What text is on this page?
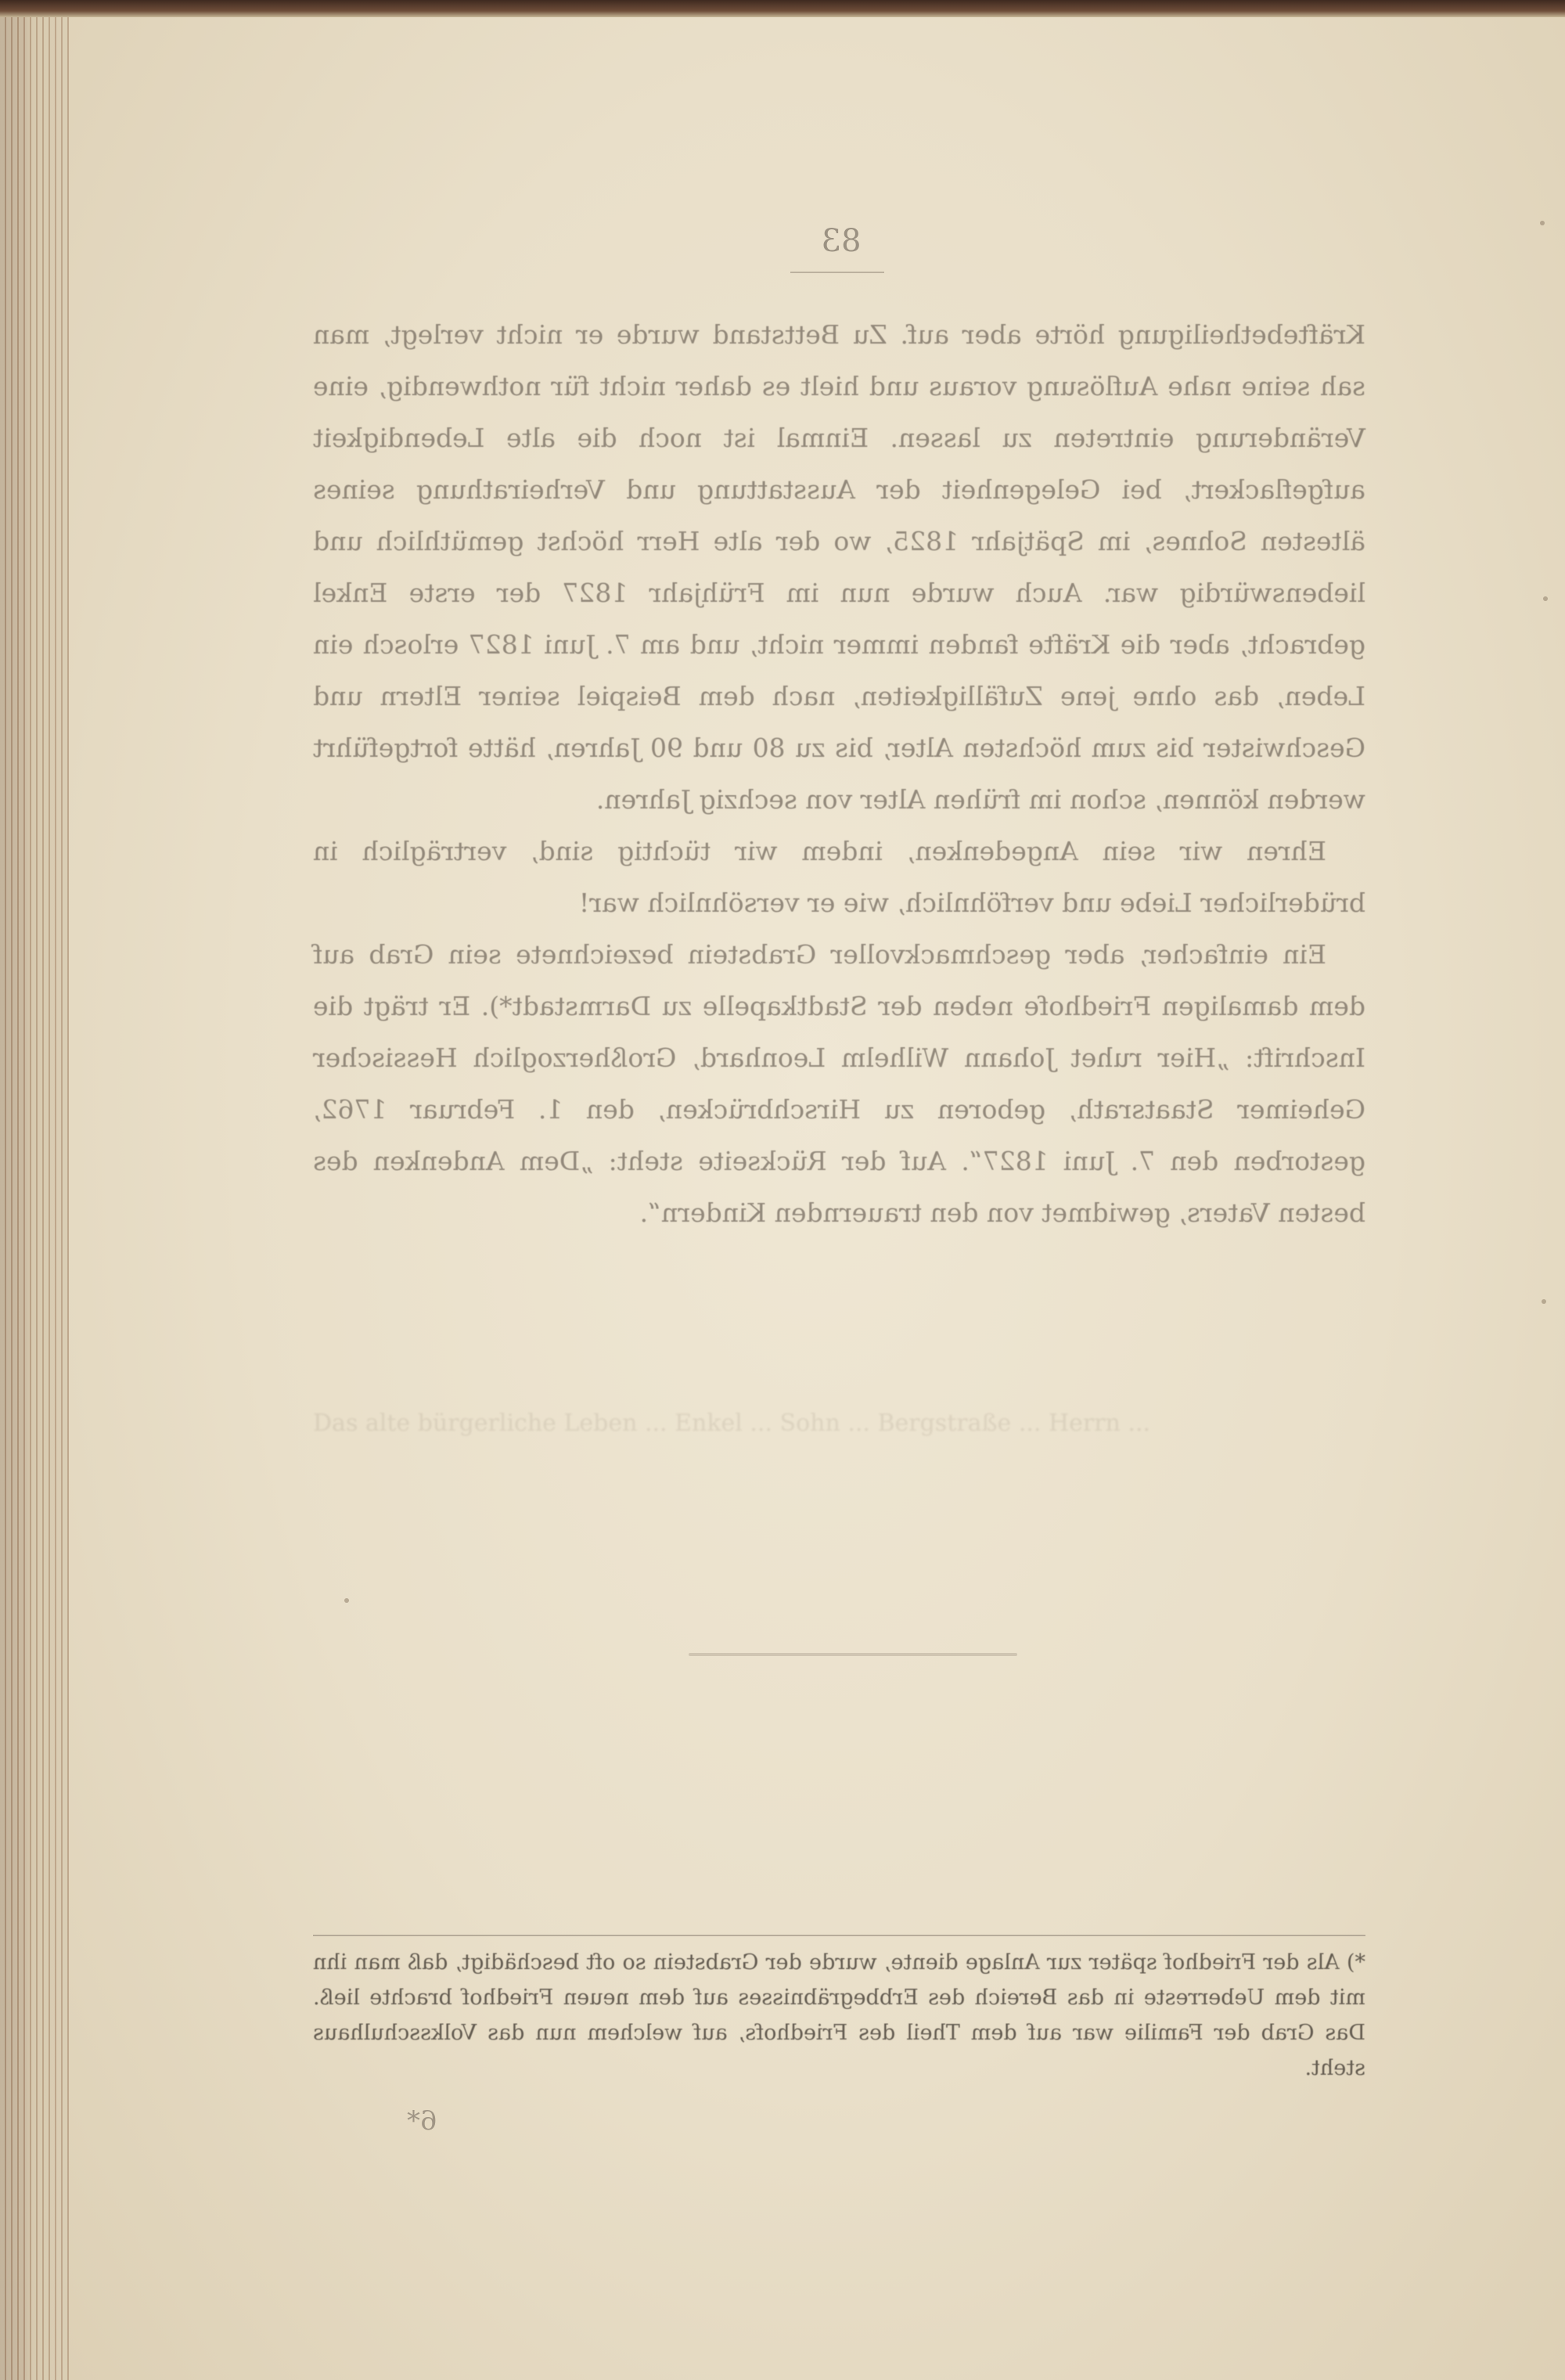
Das alte bürgerliche Leben ... Enkel ... Sohn ... Bergstraße ... Herrn ...
83

Kräftebetheiligung hörte aber auf. Zu Bettstand wurde er nicht verlegt, man sah seine nahe Auflösung voraus und hielt es daher nicht für nothwendig, eine Veränderung eintreten zu lassen. Einmal ist noch die alte Lebendigkeit aufgeflackert, bei Gelegenheit der Ausstattung und Verheirathung seines ältesten Sohnes, im Spätjahr 1825, wo der alte Herr höchst gemüthlich und liebenswürdig war. Auch wurde nun im Frühjahr 1827 der erste Enkel gebracht, aber die Kräfte fanden immer nicht, und am 7. Juni 1827 erlosch ein Leben, das ohne jene Zufälligkeiten, nach dem Beispiel seiner Eltern und Geschwister bis zum höchsten Alter, bis zu 80 und 90 Jahren, hätte fortgeführt werden können, schon im frühen Alter von sechzig Jahren.

Ehren wir sein Angedenken, indem wir tüchtig sind, verträglich in brüderlicher Liebe und verföhnlich, wie er versöhnlich war!

Ein einfacher, aber geschmackvoller Grabstein bezeichnete sein Grab auf dem damaligen Friedhofe neben der Stadtkapelle zu Darmstadt*). Er trägt die Inschrift: „Hier ruhet Johann Wilhelm Leonhard, Großherzoglich Hessischer Geheimer Staatsrath, geboren zu Hirschbrücken, den 1. Februar 1762, gestorben den 7. Juni 1827“. Auf der Rückseite steht: „Dem Andenken des besten Vaters, gewidmet von den trauernden Kindern“.

*) Als der Friedhof später zur Anlage diente, wurde der Grabstein so oft beschädigt, daß man ihn mit dem Ueberreste in das Bereich des Erbbegräbnisses auf dem neuen Friedhof brachte ließ. Das Grab der Familie war auf dem Theil des Friedhofs, auf welchem nun das Volksschulhaus steht.
6*
